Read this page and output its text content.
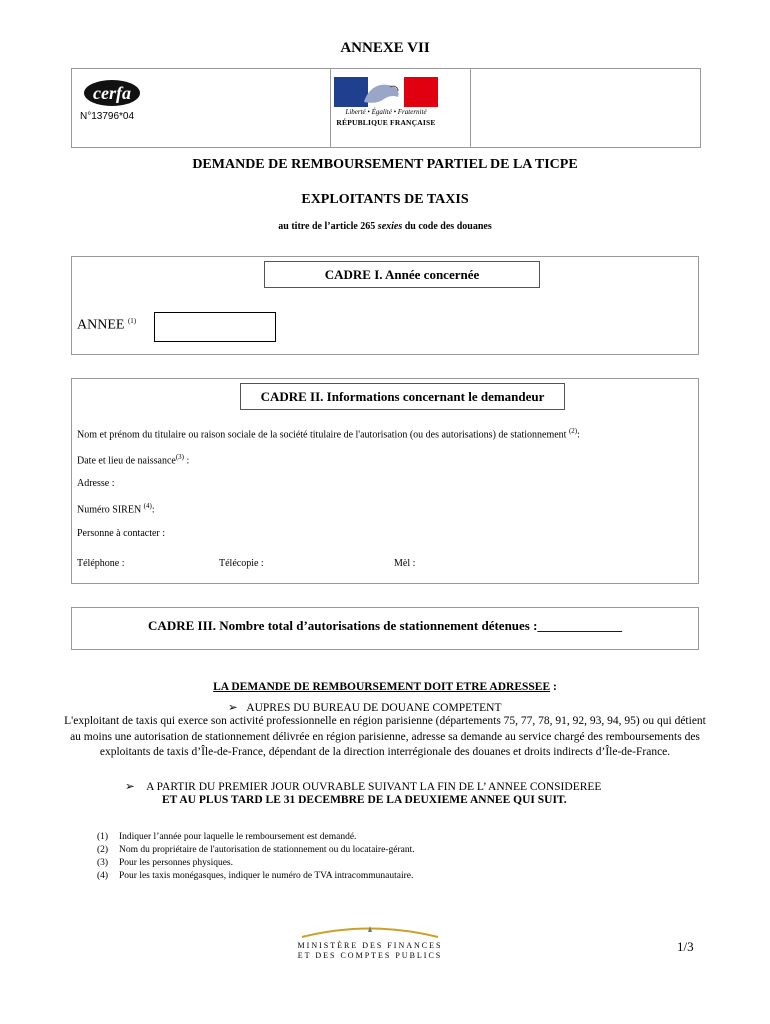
ANNEXE VII
cerfa
N°13796*04	Liberté • Égalité • Fraternité
RÉPUBLIQUE FRANÇAISE
DEMANDE DE REMBOURSEMENT PARTIEL DE LA TICPE
EXPLOITANTS DE TAXIS
au titre de l’article 265 sexies du code des douanes
CADRE I. Année concernée
ANNEE $^{(1)}$
CADRE II. Informations concernant le demandeur
Nom et prénom du titulaire ou raison sociale de la société titulaire de l'autorisation (ou des autorisations) de stationnement $^{(2)}$:
Date et lieu de naissance$^{(3)}$ :
Adresse :
Numéro SIREN $^{(4)}$:
Personne à contacter :
Téléphone :	Télécopie :	Mèl :
CADRE III. Nombre total d’autorisations de stationnement détenues :_____________
LA DEMANDE DE REMBOURSEMENT DOIT ETRE ADRESSEE :
➢ AUPRES DU BUREAU DE DOUANE COMPETENT
L'exploitant de taxis qui exerce son activité professionnelle en région parisienne (départements 75, 77, 78, 91, 92, 93, 94, 95) ou qui détient au moins une autorisation de stationnement délivrée en région parisienne, adresse sa demande au service chargé des remboursements des exploitants de taxis d’Île-de-France, dépendant de la direction interrégionale des douanes et droits indirects d’Île-de-France.
➢ A PARTIR DU PREMIER JOUR OUVRABLE SUIVANT LA FIN DE L’ ANNEE CONSIDEREE
ET AU PLUS TARD LE 31 DECEMBRE DE LA DEUXIEME ANNEE QUI SUIT.
(1) Indiquer l’année pour laquelle le remboursement est demandé.
(2) Nom du propriétaire de l'autorisation de stationnement ou du locataire-gérant.
(3) Pour les personnes physiques.
(4) Pour les taxis monégasques, indiquer le numéro de TVA intracommunautaire.
MINISTÈRE DES FINANCES
ET DES COMPTES PUBLICS
1/3
